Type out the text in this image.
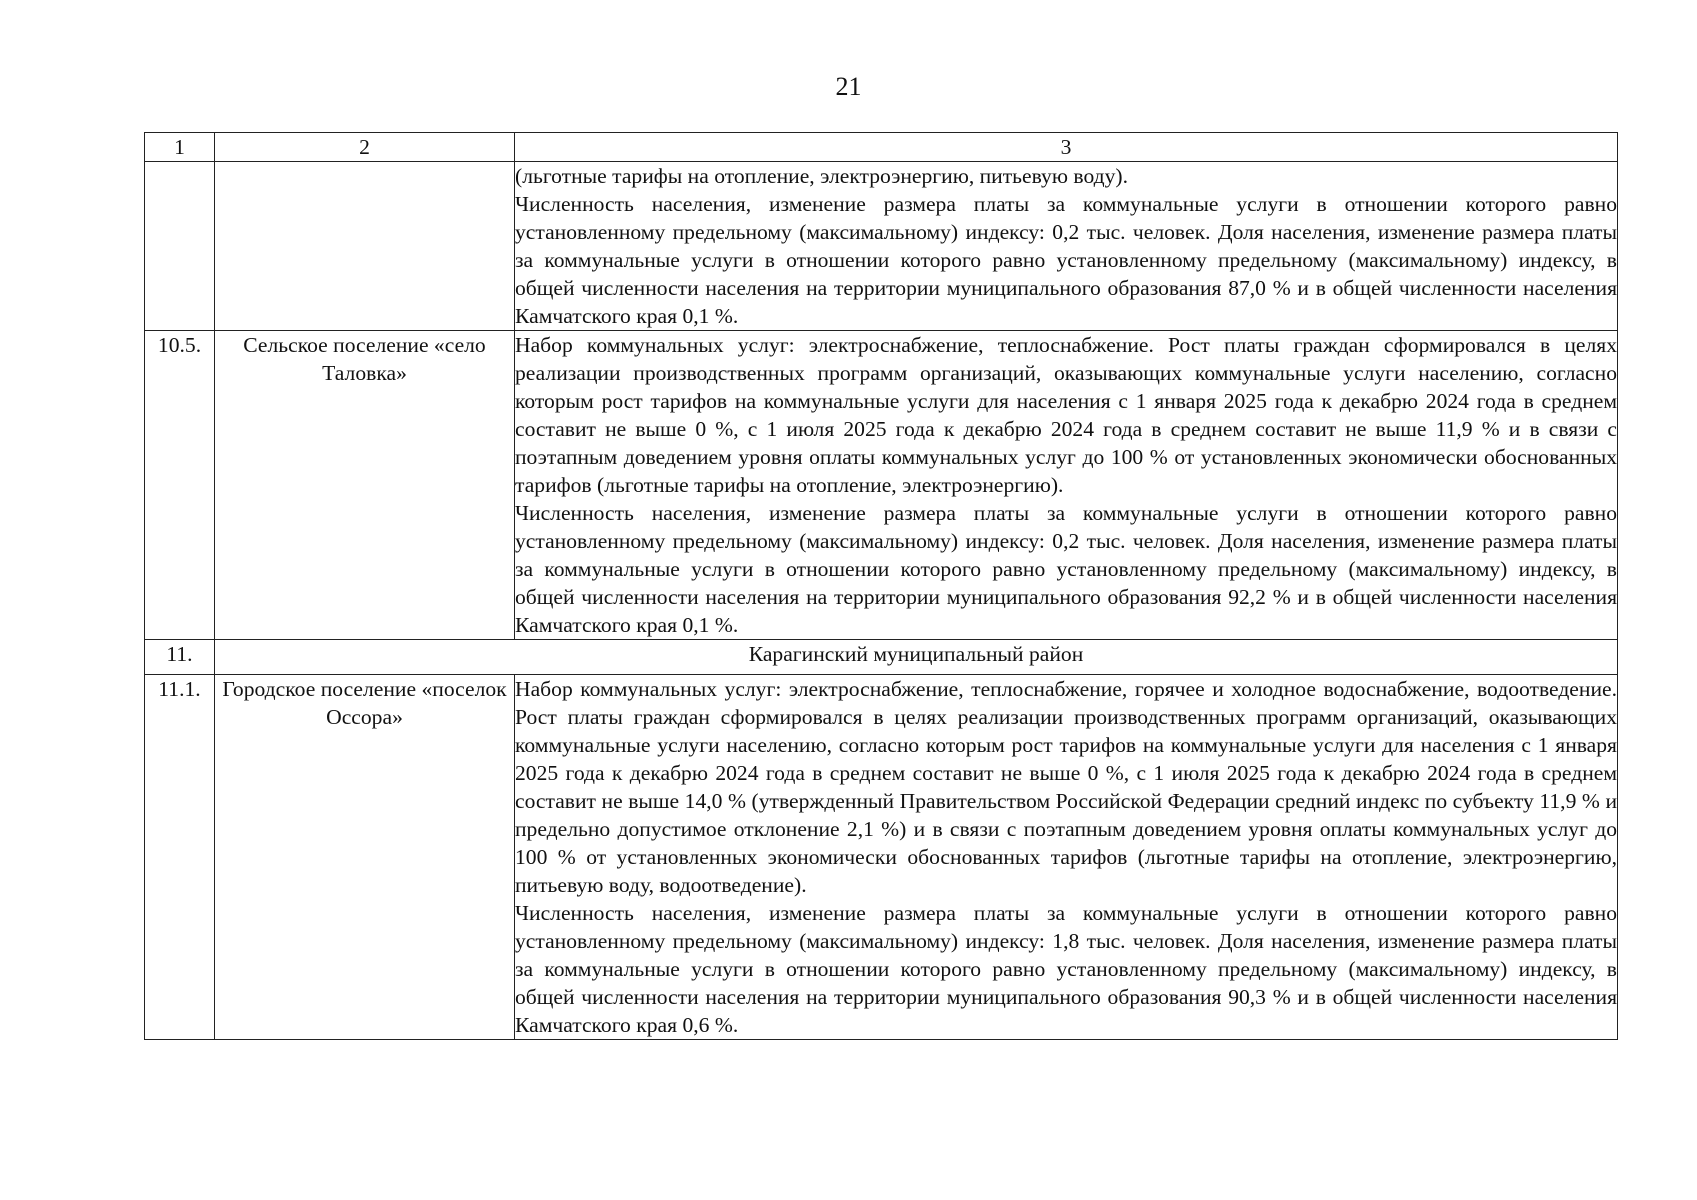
21
1	2	3

		(льготные тарифы на отопление, электроэнергию, питьевую воду).

Численность населения, изменение размера платы за коммунальные услуги в отношении которого равно установленному предельному (максимальному) индексу: 0,2 тыс. человек. Доля населения, изменение размера платы за коммунальные услуги в отношении которого равно установленному предельному (максимальному) индексу, в общей численности населения на территории муниципального образования 87,0 % и в общей численности населения Камчатского края 0,1 %.

10.5.	Сельское поселение «село Таловка»	Набор коммунальных услуг: электроснабжение, теплоснабжение. Рост платы граждан сформировался в целях реализации производственных программ организаций, оказывающих коммунальные услуги населению, согласно которым рост тарифов на коммунальные услуги для населения с 1 января 2025 года к декабрю 2024 года в среднем составит не выше 0 %, с 1 июля 2025 года к декабрю 2024 года в среднем составит не выше 11,9 % и в связи с поэтапным доведением уровня оплаты коммунальных услуг до 100 % от установленных экономически обоснованных тарифов (льготные тарифы на отопление, электроэнергию).

Численность населения, изменение размера платы за коммунальные услуги в отношении которого равно установленному предельному (максимальному) индексу: 0,2 тыс. человек. Доля населения, изменение размера платы за коммунальные услуги в отношении которого равно установленному предельному (максимальному) индексу, в общей численности населения на территории муниципального образования 92,2 % и в общей численности населения Камчатского края 0,1 %.

11.	Карагинский муниципальный район	
11.1.	Городское поселение «поселок Оссора»	Набор коммунальных услуг: электроснабжение, теплоснабжение, горячее и холодное водоснабжение, водоотведение. Рост платы граждан сформировался в целях реализации производственных программ организаций, оказывающих коммунальные услуги населению, согласно которым рост тарифов на коммунальные услуги для населения с 1 января 2025 года к декабрю 2024 года в среднем составит не выше 0 %, с 1 июля 2025 года к декабрю 2024 года в среднем составит не выше 14,0 % (утвержденный Правительством Российской Федерации средний индекс по субъекту 11,9 % и предельно допустимое отклонение 2,1 %) и в связи с поэтапным доведением уровня оплаты коммунальных услуг до 100 % от установленных экономически обоснованных тарифов (льготные тарифы на отопление, электроэнергию, питьевую воду, водоотведение).

Численность населения, изменение размера платы за коммунальные услуги в отношении которого равно установленному предельному (максимальному) индексу: 1,8 тыс. человек. Доля населения, изменение размера платы за коммунальные услуги в отношении которого равно установленному предельному (максимальному) индексу, в общей численности населения на территории муниципального образования 90,3 % и в общей численности населения Камчатского края 0,6 %.
